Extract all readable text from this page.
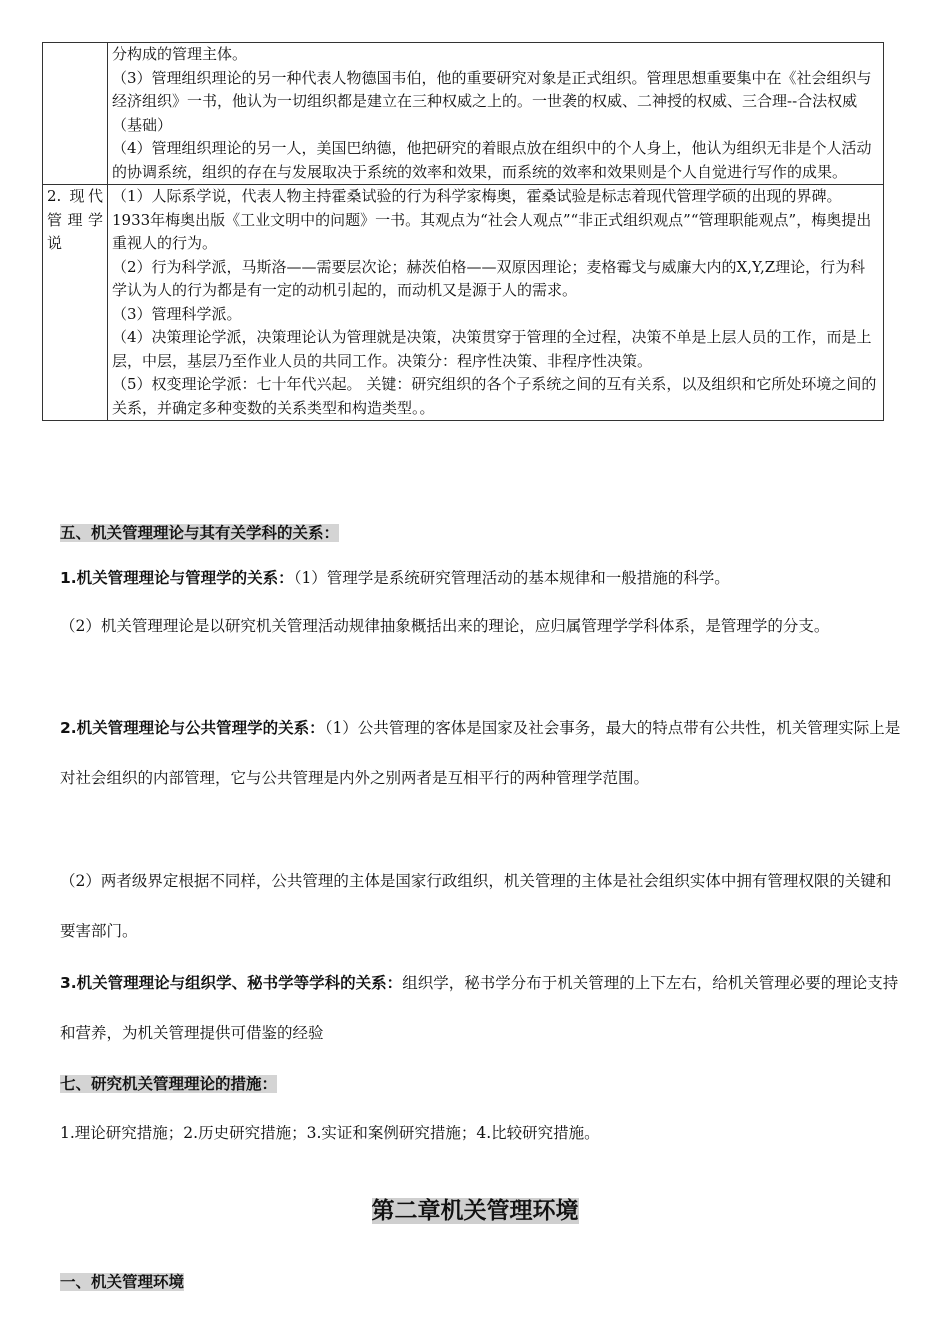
	分构成的管理主体。

（3）管理组织理论的另一种代表人物德国韦伯，他的重要研究对象是正式组织。管理思想重要集中在《社会组织与经济组织》一书，他认为一切组织都是建立在三种权威之上的。一世袭的权威、二神授的权威、三合理--合法权威（基础）

（4）管理组织理论的另一人，美国巴纳德，他把研究的着眼点放在组织中的个人身上，他认为组织无非是个人活动的协调系统，组织的存在与发展取决于系统的效率和效果，而系统的效率和效果则是个人自觉进行写作的成果。

2. 现代管理学说	（1）人际系学说，代表人物主持霍桑试验的行为科学家梅奥，霍桑试验是标志着现代管理学硕的出现的界碑。1933年梅奥出版《工业文明中的问题》一书。其观点为“社会人观点”“非正式组织观点”“管理职能观点”，梅奥提出重视人的行为。

（2）行为科学派，马斯洛——需要层次论；赫茨伯格——双原因理论；麦格霉戈与威廉大内的X,Y,Z理论，行为科学认为人的行为都是有一定的动机引起的，而动机又是源于人的需求。

（3）管理科学派。

（4）决策理论学派，决策理论认为管理就是决策，决策贯穿于管理的全过程，决策不单是上层人员的工作，而是上层，中层，基层乃至作业人员的共同工作。决策分：程序性决策、非程序性决策。

（5）权变理论学派：七十年代兴起。 关键：研究组织的各个子系统之间的互有关系，以及组织和它所处环境之间的关系，并确定多种变数的关系类型和构造类型。。

五、机关管理理论与其有关学科的关系：

1.机关管理理论与管理学的关系：（1）管理学是系统研究管理活动的基本规律和一般措施的科学。

（2）机关管理理论是以研究机关管理活动规律抽象概括出来的理论，应归属管理学学科体系，是管理学的分支。

2.机关管理理论与公共管理学的关系：（1）公共管理的客体是国家及社会事务，最大的特点带有公共性，机关管理实际上是对社会组织的内部管理，它与公共管理是内外之别两者是互相平行的两种管理学范围。

（2）两者级界定根据不同样，公共管理的主体是国家行政组织，机关管理的主体是社会组织实体中拥有管理权限的关键和要害部门。

3.机关管理理论与组织学、秘书学等学科的关系：组织学，秘书学分布于机关管理的上下左右，给机关管理必要的理论支持和营养，为机关管理提供可借鉴的经验

七、研究机关管理理论的措施：

1.理论研究措施；2.历史研究措施；3.实证和案例研究措施；4.比较研究措施。

第二章机关管理环境

一、机关管理环境
